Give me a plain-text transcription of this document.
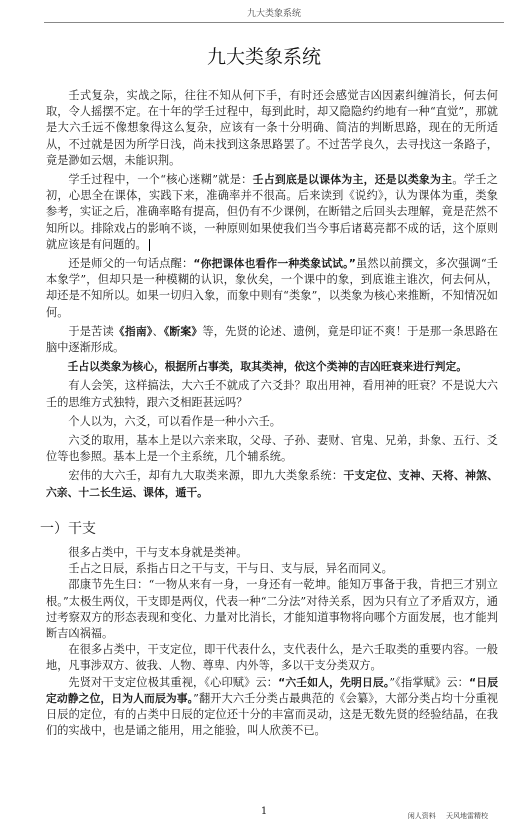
九大类象系统
九大类象系统

壬式复杂，实战之际，往往不知从何下手，有时还会感觉吉凶因素纠缠消长，何去何取，令人摇摆不定。在十年的学壬过程中，每到此时，却又隐隐约约地有一种“直觉”，那就是大六壬远不像想象得这么复杂，应该有一条十分明确、简洁的判断思路，现在的无所适从，不过就是因为所学日浅，尚未找到这条思路罢了。不过苦学良久，去寻找这一条路子，竟是渺如云烟，未能识荆。

学壬过程中，一个“核心迷糊”就是：壬占到底是以课体为主，还是以类象为主。学壬之初，心思全在课体，实践下来，准确率并不很高。后来读到《说约》，认为课体为重，类象参考，实证之后，准确率略有提高，但仍有不少课例，在断错之后回头去理解，竟是茫然不知所以。排除戏占的影响不谈，一种原则如果使我们当今事后诸葛亮都不成的话，这个原则就应该是有问题的。

还是师父的一句话点醒：“你把课体也看作一种类象试试。”虽然以前撰文，多次强调“壬本象学”，但却只是一种模糊的认识，象伙矣，一个课中的象，到底谁主谁次，何去何从，却还是不知所以。如果一切归入象，而象中则有“类象”，以类象为核心来推断，不知情况如何。

于是苦读《指南》、《断案》等，先贤的论述、遗例，竟是印证不爽！于是那一条思路在脑中逐渐形成。

壬占以类象为核心，根据所占事类，取其类神，依这个类神的吉凶旺衰来进行判定。

有人会笑，这样搞法，大六壬不就成了六爻卦？取出用神，看用神的旺衰？不是说大六壬的思维方式独特，跟六爻相距甚远吗？

个人以为，六爻，可以看作是一种小六壬。

六爻的取用，基本上是以六亲来取，父母、子孙、妻财、官鬼、兄弟，卦象、五行、爻位等也参照。基本上是一个主系统，几个辅系统。

宏伟的大六壬，却有九大取类来源，即九大类象系统：干支定位、支神、天将、神煞、六亲、十二长生运、课体，遁干。

一）干支

很多占类中，干与支本身就是类神。

壬占之日辰，系指占日之干与支，干与日、支与辰，异名而同义。

邵康节先生曰：“一物从来有一身，一身还有一乾坤。能知万事备于我，肯把三才别立根。”太极生两仪，干支即是两仪，代表一种“二分法”对待关系，因为只有立了矛盾双方，通过考察双方的形态表现和变化、力量对比消长，才能知道事物将向哪个方面发展，也才能判断吉凶祸福。

在很多占类中，干支定位，即干代表什么，支代表什么，是六壬取类的重要内容。一般地，凡事涉双方、彼我、人物、尊卑、内外等，多以干支分类双方。

先贤对干支定位极其重视，《心印赋》云：“六壬如人，先明日辰。”《指掌赋》云：“日辰定动静之位，日为人而辰为事。”翻开大六壬分类占最典范的《会纂》，大部分类占均十分重视日辰的定位，有的占类中日辰的定位还十分的丰富而灵动，这是无数先贤的经验结晶，在我们的实战中，也是诵之能用，用之能验，叫人欣羡不已。

1	闲人资料 天风地雷精校
